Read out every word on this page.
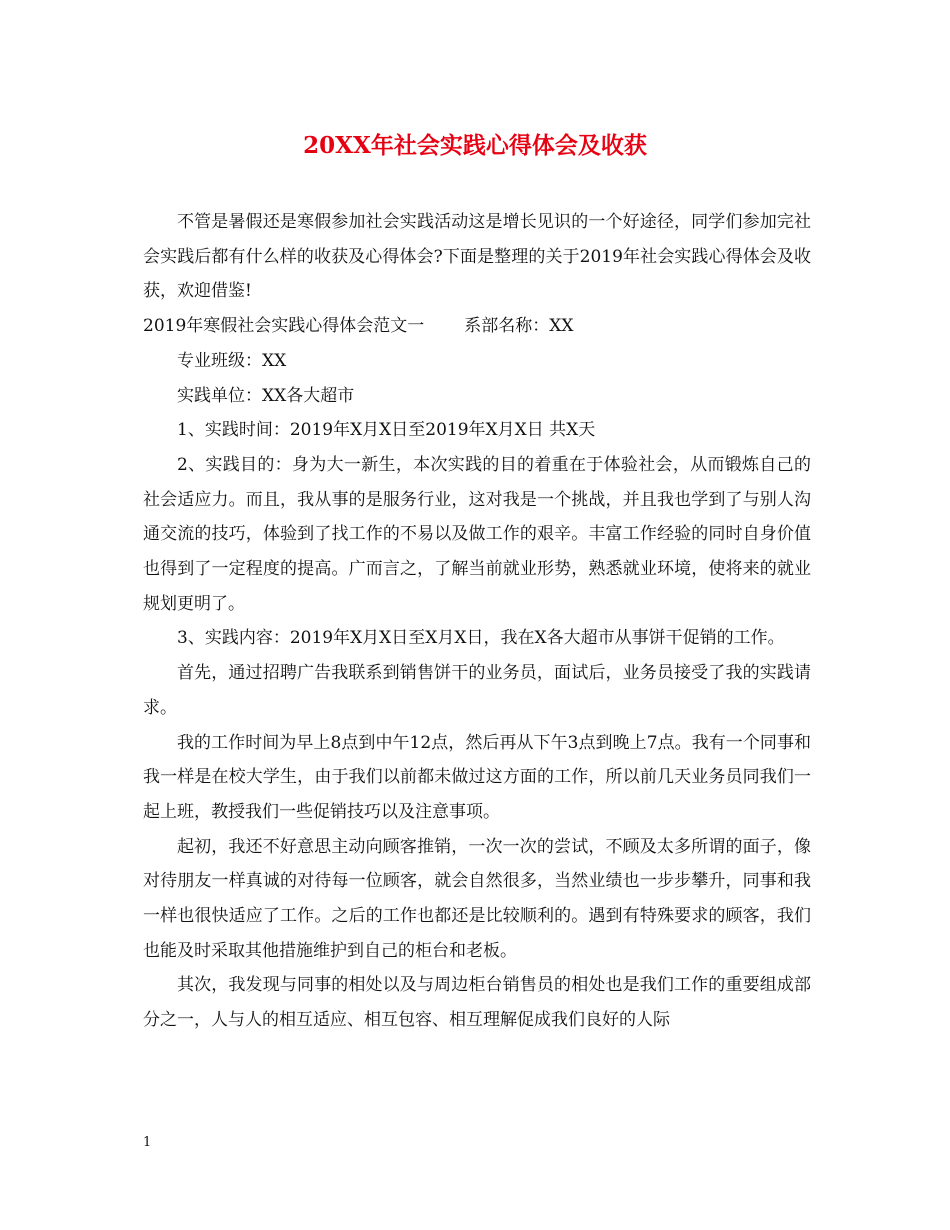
20XX年社会实践心得体会及收获

不管是暑假还是寒假参加社会实践活动这是增长见识的一个好途径，同学们参加完社会实践后都有什么样的收获及心得体会?下面是整理的关于2019年社会实践心得体会及收获，欢迎借鉴!

2019年寒假社会实践心得体会范文一 系部名称：XX

专业班级：XX

实践单位：XX各大超市

1、实践时间：2019年X月X日至2019年X月X日 共X天

2、实践目的：身为大一新生，本次实践的目的着重在于体验社会，从而锻炼自己的社会适应力。而且，我从事的是服务行业，这对我是一个挑战，并且我也学到了与别人沟通交流的技巧，体验到了找工作的不易以及做工作的艰辛。丰富工作经验的同时自身价值也得到了一定程度的提高。广而言之，了解当前就业形势，熟悉就业环境，使将来的就业规划更明了。

3、实践内容：2019年X月X日至X月X日，我在X各大超市从事饼干促销的工作。

首先，通过招聘广告我联系到销售饼干的业务员，面试后，业务员接受了我的实践请求。

我的工作时间为早上8点到中午12点，然后再从下午3点到晚上7点。我有一个同事和我一样是在校大学生，由于我们以前都未做过这方面的工作，所以前几天业务员同我们一起上班，教授我们一些促销技巧以及注意事项。

起初，我还不好意思主动向顾客推销，一次一次的尝试，不顾及太多所谓的面子，像对待朋友一样真诚的对待每一位顾客，就会自然很多，当然业绩也一步步攀升，同事和我一样也很快适应了工作。之后的工作也都还是比较顺利的。遇到有特殊要求的顾客，我们也能及时采取其他措施维护到自己的柜台和老板。

其次，我发现与同事的相处以及与周边柜台销售员的相处也是我们工作的重要组成部分之一，人与人的相互适应、相互包容、相互理解促成我们良好的人际

1
